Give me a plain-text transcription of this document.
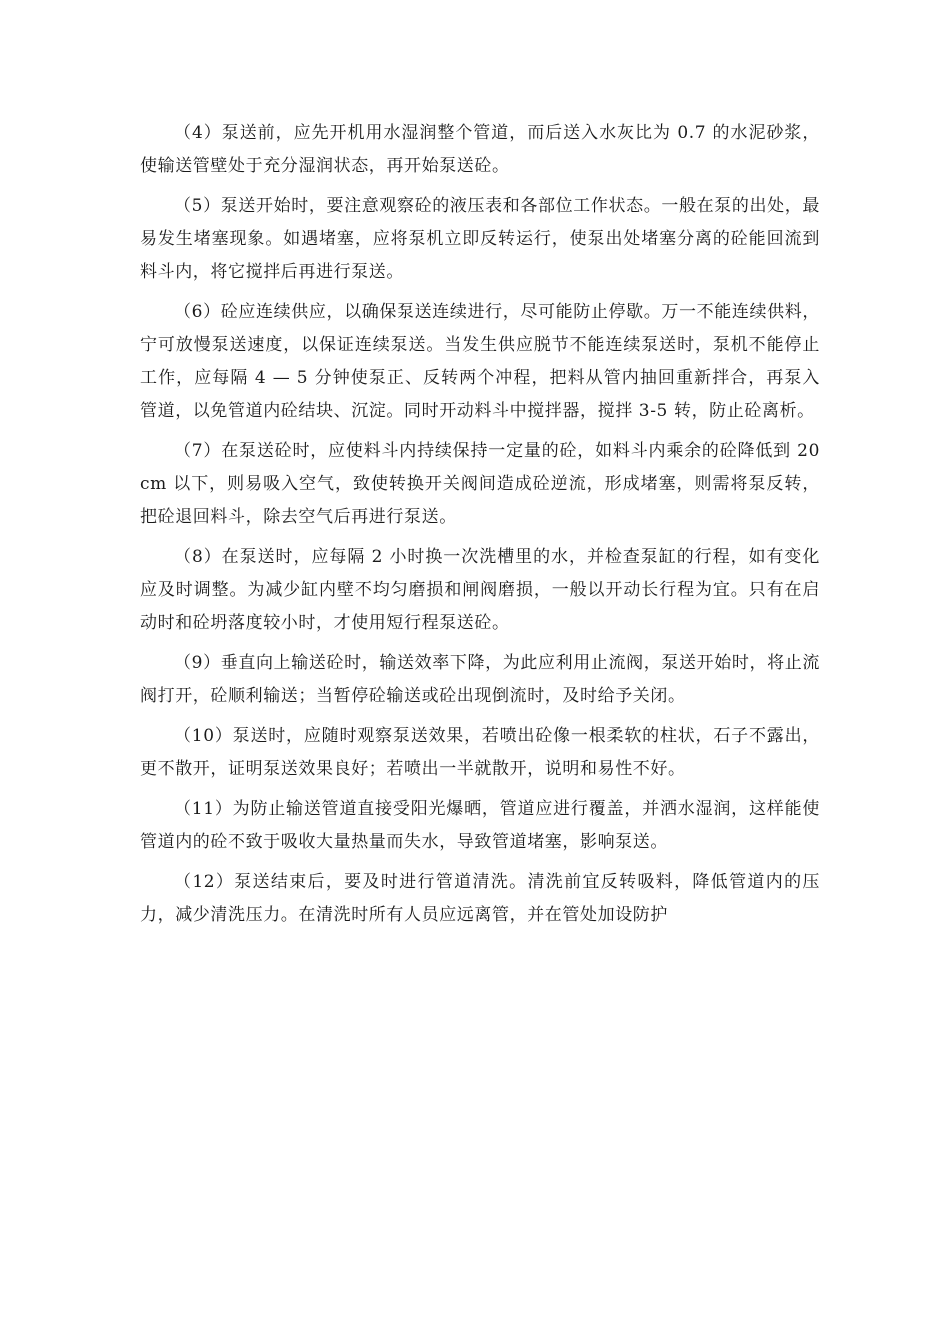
（4）泵送前，应先开机用水湿润整个管道，而后送入水灰比为 0.7 的水泥砂浆，使输送管壁处于充分湿润状态，再开始泵送砼。

（5）泵送开始时，要注意观察砼的液压表和各部位工作状态。一般在泵的出处，最易发生堵塞现象。如遇堵塞，应将泵机立即反转运行，使泵出处堵塞分离的砼能回流到料斗内，将它搅拌后再进行泵送。

（6）砼应连续供应，以确保泵送连续进行，尽可能防止停歇。万一不能连续供料，宁可放慢泵送速度，以保证连续泵送。当发生供应脱节不能连续泵送时，泵机不能停止工作，应每隔 4 — 5 分钟使泵正、反转两个冲程，把料从管内抽回重新拌合，再泵入管道，以免管道内砼结块、沉淀。同时开动料斗中搅拌器，搅拌 3-5 转，防止砼离析。

（7）在泵送砼时，应使料斗内持续保持一定量的砼，如料斗内乘余的砼降低到 20cm 以下，则易吸入空气，致使转换开关阀间造成砼逆流，形成堵塞，则需将泵反转，把砼退回料斗，除去空气后再进行泵送。

（8）在泵送时，应每隔 2 小时换一次洗槽里的水，并检查泵缸的行程，如有变化应及时调整。为减少缸内壁不均匀磨损和闸阀磨损，一般以开动长行程为宜。只有在启动时和砼坍落度较小时，才使用短行程泵送砼。

（9）垂直向上输送砼时，输送效率下降，为此应利用止流阀，泵送开始时，将止流阀打开，砼顺利输送；当暂停砼输送或砼出现倒流时，及时给予关闭。

（10）泵送时，应随时观察泵送效果，若喷出砼像一根柔软的柱状，石子不露出，更不散开，证明泵送效果良好；若喷出一半就散开，说明和易性不好。

（11）为防止输送管道直接受阳光爆晒，管道应进行覆盖，并洒水湿润，这样能使管道内的砼不致于吸收大量热量而失水，导致管道堵塞，影响泵送。

（12）泵送结束后，要及时进行管道清洗。清洗前宜反转吸料，降低管道内的压力，减少清洗压力。在清洗时所有人员应远离管，并在管处加设防护
